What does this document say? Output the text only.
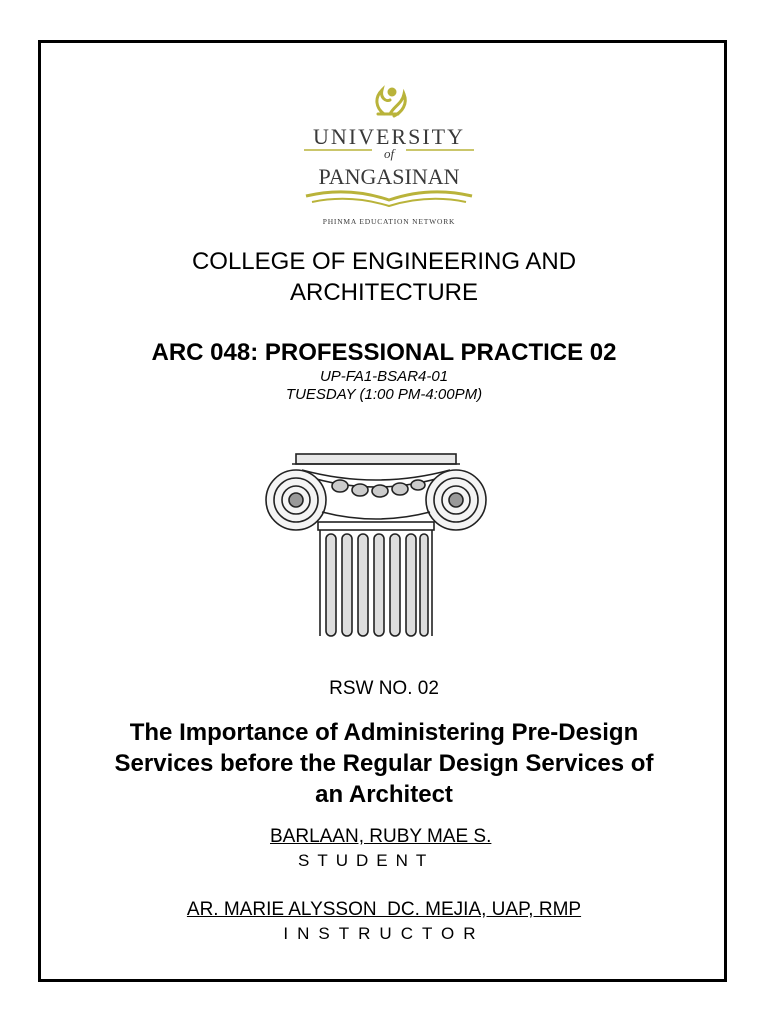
UNIVERSITY
of
PANGASINAN
PHINMA EDUCATION NETWORK
COLLEGE OF ENGINEERING AND
ARCHITECTURE
ARC 048: PROFESSIONAL PRACTICE 02
UP-FA1-BSAR4-01
TUESDAY (1:00 PM-4:00PM)
RSW NO. 02
The Importance of Administering Pre-Design
Services before the Regular Design Services of
an Architect
BARLAAN, RUBY MAE S.
STUDENT
AR. MARIE ALYSSON  DC. MEJIA, UAP, RMP
INSTRUCTOR
